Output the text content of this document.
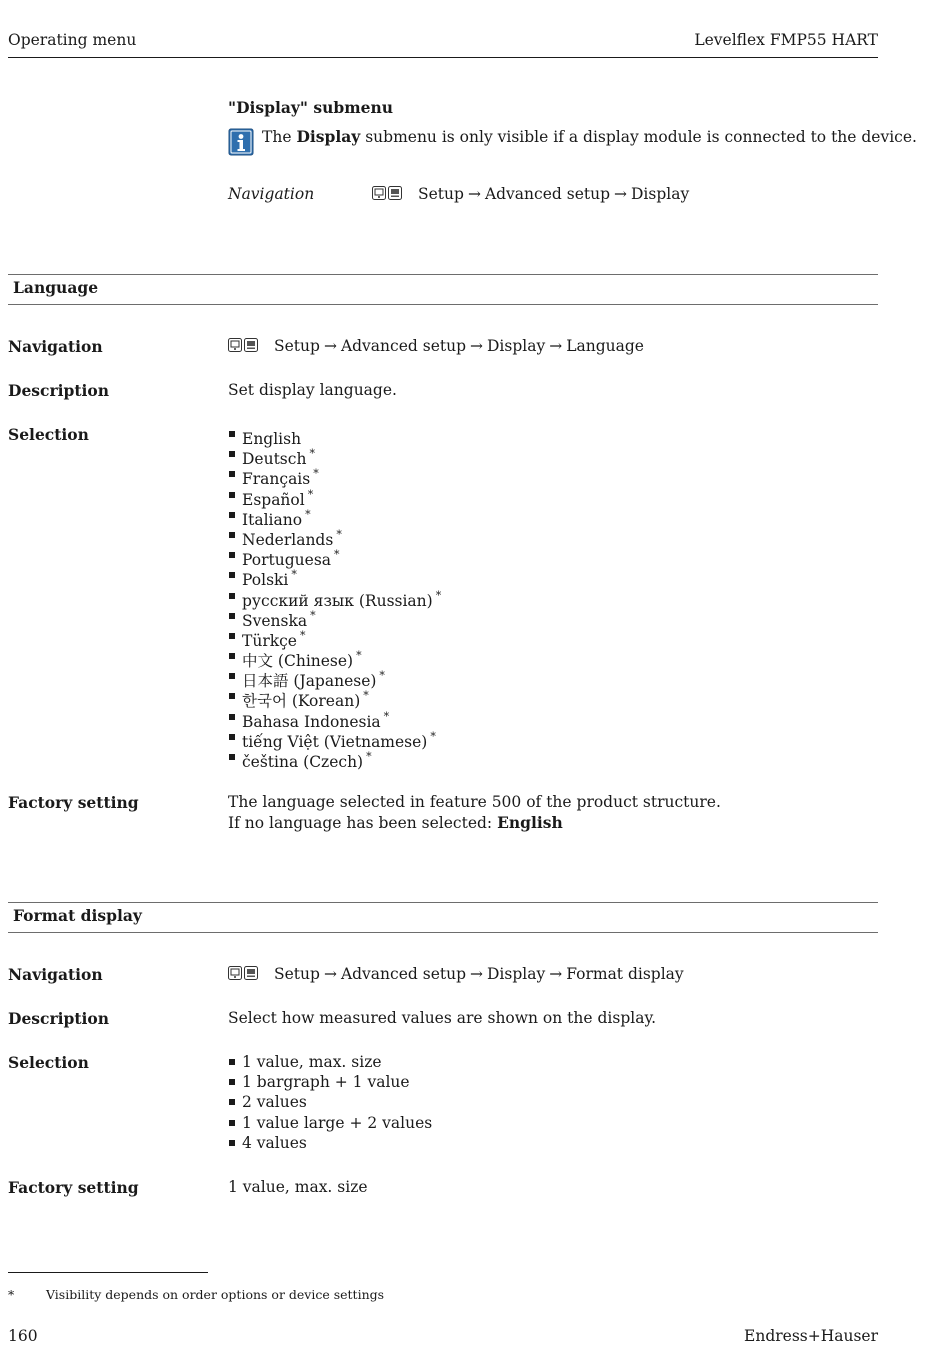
Operating menu	Levelflex FMP55 HART
"Display" submenu
The Display submenu is only visible if a display module is connected to the device.
Navigation	Setup → Advanced setup → Display
Language
Navigation	Setup → Advanced setup → Display → Language
Description	Set display language.
Selection	English
Deutsch *
Français *
Español *
Italiano *
Nederlands *
Portuguesa *
Polski *
русский язык (Russian) *
Svenska *
Türkçe *
中文 (Chinese) *
日本語 (Japanese) *
한국어 (Korean) *
Bahasa Indonesia *
tiếng Việt (Vietnamese) *
čeština (Czech) *
Factory setting	The language selected in feature 500 of the product structure.
If no language has been selected: English
Format display
Navigation	Setup → Advanced setup → Display → Format display
Description	Select how measured values are shown on the display.
Selection	1 value, max. size
1 bargraph + 1 value
2 values
1 value large + 2 values
4 values
Factory setting	1 value, max. size
*	Visibility depends on order options or device settings
160	Endress+Hauser
